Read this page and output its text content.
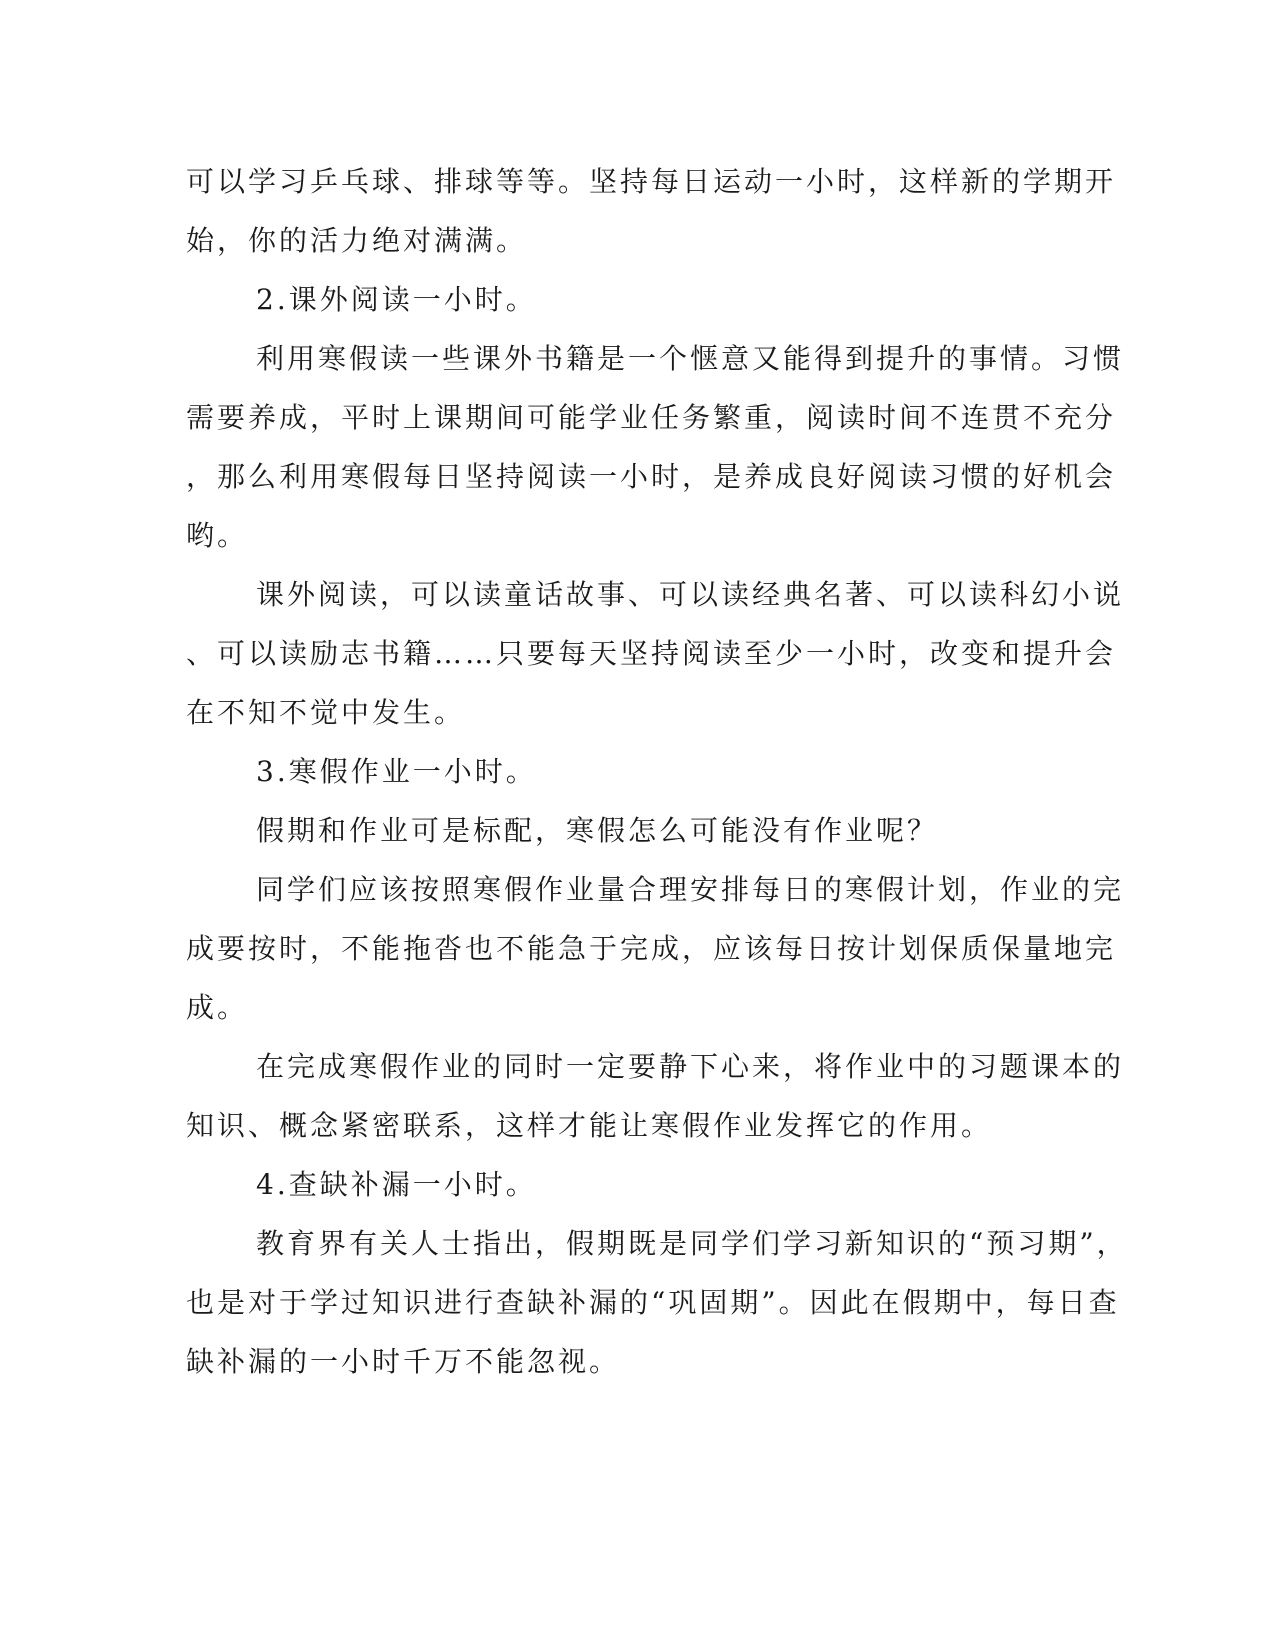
可以学习乒乓球、排球等等。坚持每日运动一小时，这样新的学期开

始，你的活力绝对满满。

2.课外阅读一小时。

利用寒假读一些课外书籍是一个惬意又能得到提升的事情。习惯

需要养成，平时上课期间可能学业任务繁重，阅读时间不连贯不充分

，那么利用寒假每日坚持阅读一小时，是养成良好阅读习惯的好机会

哟。

课外阅读，可以读童话故事、可以读经典名著、可以读科幻小说

、可以读励志书籍……只要每天坚持阅读至少一小时，改变和提升会

在不知不觉中发生。

3.寒假作业一小时。

假期和作业可是标配，寒假怎么可能没有作业呢？

同学们应该按照寒假作业量合理安排每日的寒假计划，作业的完

成要按时，不能拖沓也不能急于完成，应该每日按计划保质保量地完

成。

在完成寒假作业的同时一定要静下心来，将作业中的习题课本的

知识、概念紧密联系，这样才能让寒假作业发挥它的作用。

4.查缺补漏一小时。

教育界有关人士指出，假期既是同学们学习新知识的“预习期”，

也是对于学过知识进行查缺补漏的“巩固期”。因此在假期中，每日查

缺补漏的一小时千万不能忽视。
